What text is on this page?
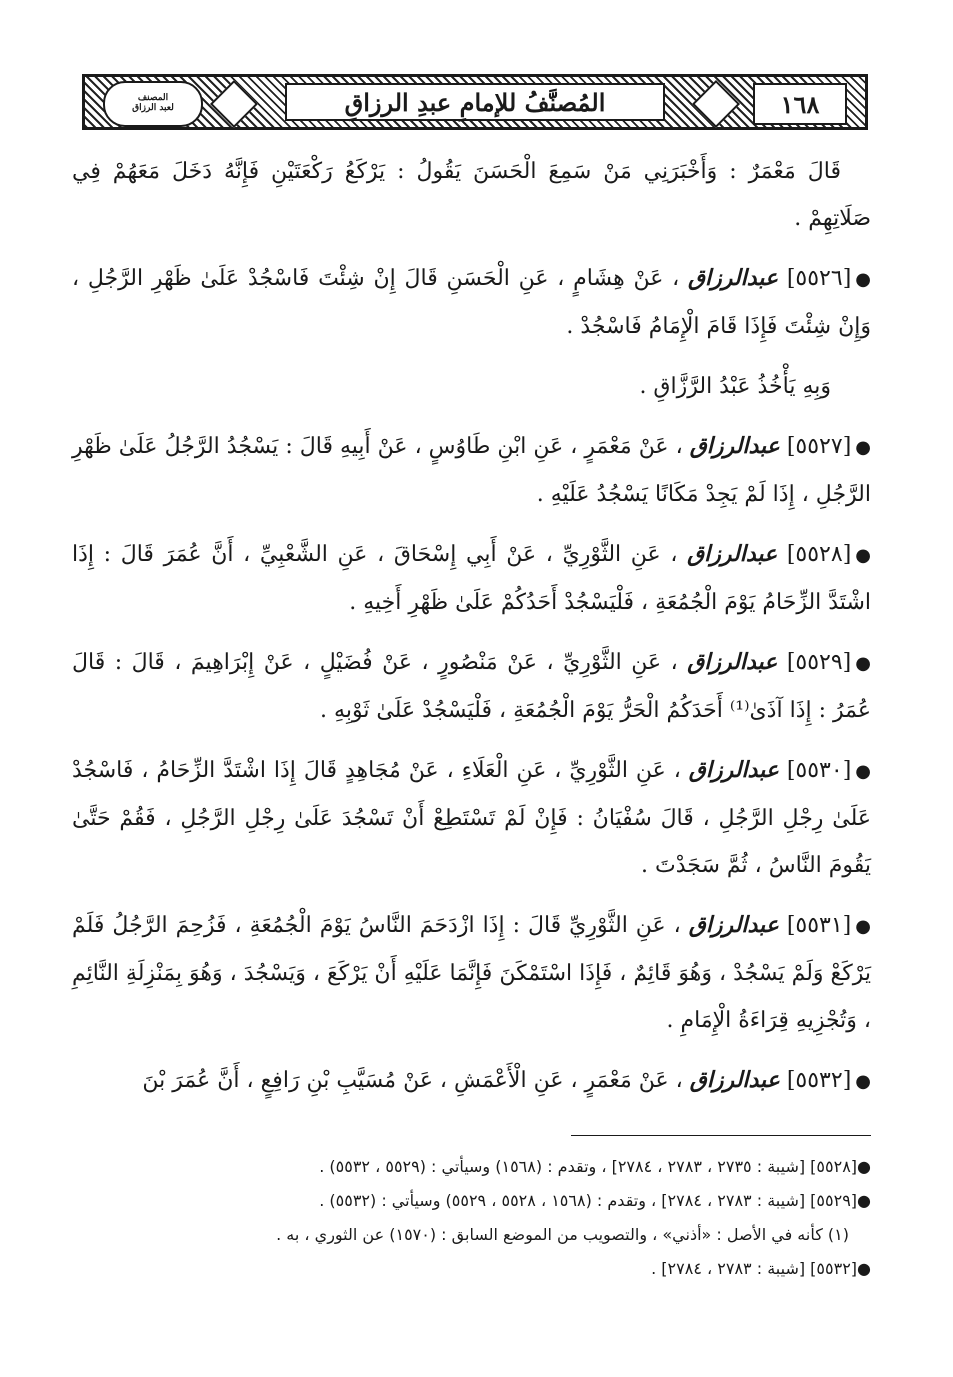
المصنف
لعبد الرزاق	المُصنَّفُ للإمامِ عبدِ الرزاقِ	١٦٨

قَالَ مَعْمَرٌ : وَأَخْبَرَنِي مَنْ سَمِعَ الْحَسَنَ يَقُولُ : يَرْكَعُ رَكْعَتَيْنِ فَإِنَّهُ دَخَلَ مَعَهُمْ فِي صَلَاتِهِمْ .

●[٥٥٢٦] عبدالرزاق ، عَنْ هِشَامٍ ، عَنِ الْحَسَنِ قَالَ إِنْ شِئْتَ فَاسْجُدْ عَلَىٰ ظَهْرِ الرَّجُلِ ، وَإِنْ شِئْتَ فَإِذَا قَامَ الْإِمَامُ فَاسْجُدْ .

وَبِهِ يَأْخُذُ عَبْدُ الرَّزَّاقِ .

●[٥٥٢٧] عبدالرزاق ، عَنْ مَعْمَرٍ ، عَنِ ابْنِ طَاوُسٍ ، عَنْ أَبِيهِ قَالَ : يَسْجُدُ الرَّجُلُ عَلَىٰ ظَهْرِ الرَّجُلِ ، إِذَا لَمْ يَجِدْ مَكَانًا يَسْجُدُ عَلَيْهِ .

●[٥٥٢٨] عبدالرزاق ، عَنِ الثَّوْرِيِّ ، عَنْ أَبِي إِسْحَاقَ ، عَنِ الشَّعْبِيِّ ، أَنَّ عُمَرَ قَالَ : إِذَا اشْتَدَّ الزِّحَامُ يَوْمَ الْجُمُعَةِ ، فَلْيَسْجُدْ أَحَدُكُمْ عَلَىٰ ظَهْرِ أَخِيهِ .

●[٥٥٢٩] عبدالرزاق ، عَنِ الثَّوْرِيِّ ، عَنْ مَنْصُورٍ ، عَنْ فُضَيْلٍ ، عَنْ إِبْرَاهِيمَ ، قَالَ : قَالَ عُمَرُ : إِذَا آذَىٰ⁽¹⁾ أَحَدَكُمُ الْحَرُّ يَوْمَ الْجُمُعَةِ ، فَلْيَسْجُدْ عَلَىٰ ثَوْبِهِ .

●[٥٥٣٠] عبدالرزاق ، عَنِ الثَّوْرِيِّ ، عَنِ الْعَلَاءِ ، عَنْ مُجَاهِدٍ قَالَ إِذَا اشْتَدَّ الزِّحَامُ ، فَاسْجُدْ عَلَىٰ رِجْلِ الرَّجُلِ ، قَالَ سُفْيَانُ : فَإِنْ لَمْ تَسْتَطِعْ أَنْ تَسْجُدَ عَلَىٰ رِجْلِ الرَّجُلِ ، فَقُمْ حَتَّىٰ يَقُومَ النَّاسُ ، ثُمَّ سَجَدْتَ .

●[٥٥٣١] عبدالرزاق ، عَنِ الثَّوْرِيِّ قَالَ : إِذَا ازْدَحَمَ النَّاسُ يَوْمَ الْجُمُعَةِ ، فَزُحِمَ الرَّجُلُ فَلَمْ يَرْكَعْ وَلَمْ يَسْجُدْ ، وَهُوَ قَائِمٌ ، فَإِذَا اسْتَمْكَنَ فَإِنَّمَا عَلَيْهِ أَنْ يَرْكَعَ ، وَيَسْجُدَ ، وَهُوَ بِمَنْزِلَةِ النَّائِمِ ، وَتُجْزِيهِ قِرَاءَةُ الْإِمَامِ .

●[٥٥٣٢] عبدالرزاق ، عَنْ مَعْمَرٍ ، عَنِ الْأَعْمَشِ ، عَنْ مُسَيَّبِ بْنِ رَافِعٍ ، أَنَّ عُمَرَ بْنَ

●[٥٥٢٨] [شيبة : ٢٧٣٥ ، ٢٧٨٣ ، ٢٧٨٤] ، وتقدم : (١٥٦٨) وسيأتي : (٥٥٢٩ ، ٥٥٣٢) .

●[٥٥٢٩] [شيبة : ٢٧٨٣ ، ٢٧٨٤] ، وتقدم : (١٥٦٨ ، ٥٥٢٨ ، ٥٥٢٩) وسيأتي : (٥٥٣٢) .

(١) كأنه في الأصل : «أذني» ، والتصويب من الموضع السابق : (١٥٧٠) عن الثوري ، به .

●[٥٥٣٢] [شيبة : ٢٧٨٣ ، ٢٧٨٤] .
